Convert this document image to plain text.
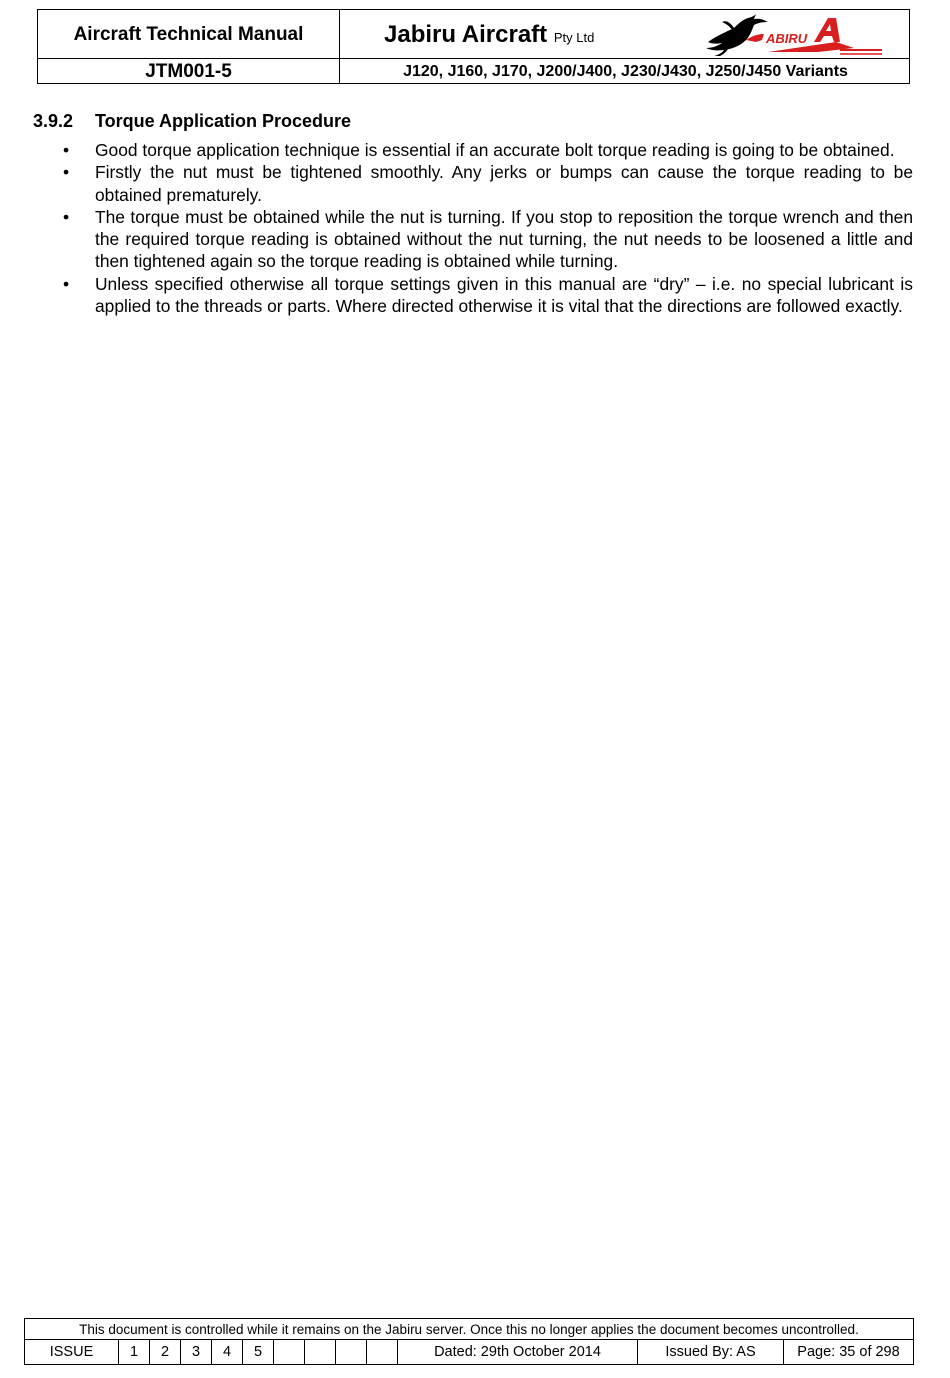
Aircraft Technical Manual	Jabiru Aircraft Pty Ltd	ABIRU
JTM001-5	J120, J160, J170, J200/J400, J230/J430, J250/J450 Variants
3.9.2 Torque Application Procedure
• Good torque application technique is essential if an accurate bolt torque reading is going to be obtained.
• Firstly the nut must be tightened smoothly. Any jerks or bumps can cause the torque reading to be obtained prematurely.
• The torque must be obtained while the nut is turning. If you stop to reposition the torque wrench and then the required torque reading is obtained without the nut turning, the nut needs to be loosened a little and then tightened again so the torque reading is obtained while turning.
• Unless specified otherwise all torque settings given in this manual are “dry” – i.e. no special lubricant is applied to the threads or parts. Where directed otherwise it is vital that the directions are followed exactly.
This document is controlled while it remains on the Jabiru server. Once this no longer applies the document becomes uncontrolled.
ISSUE	1	2	3	4	5	Dated: 29th October 2014	Issued By: AS	Page: 35 of 298
